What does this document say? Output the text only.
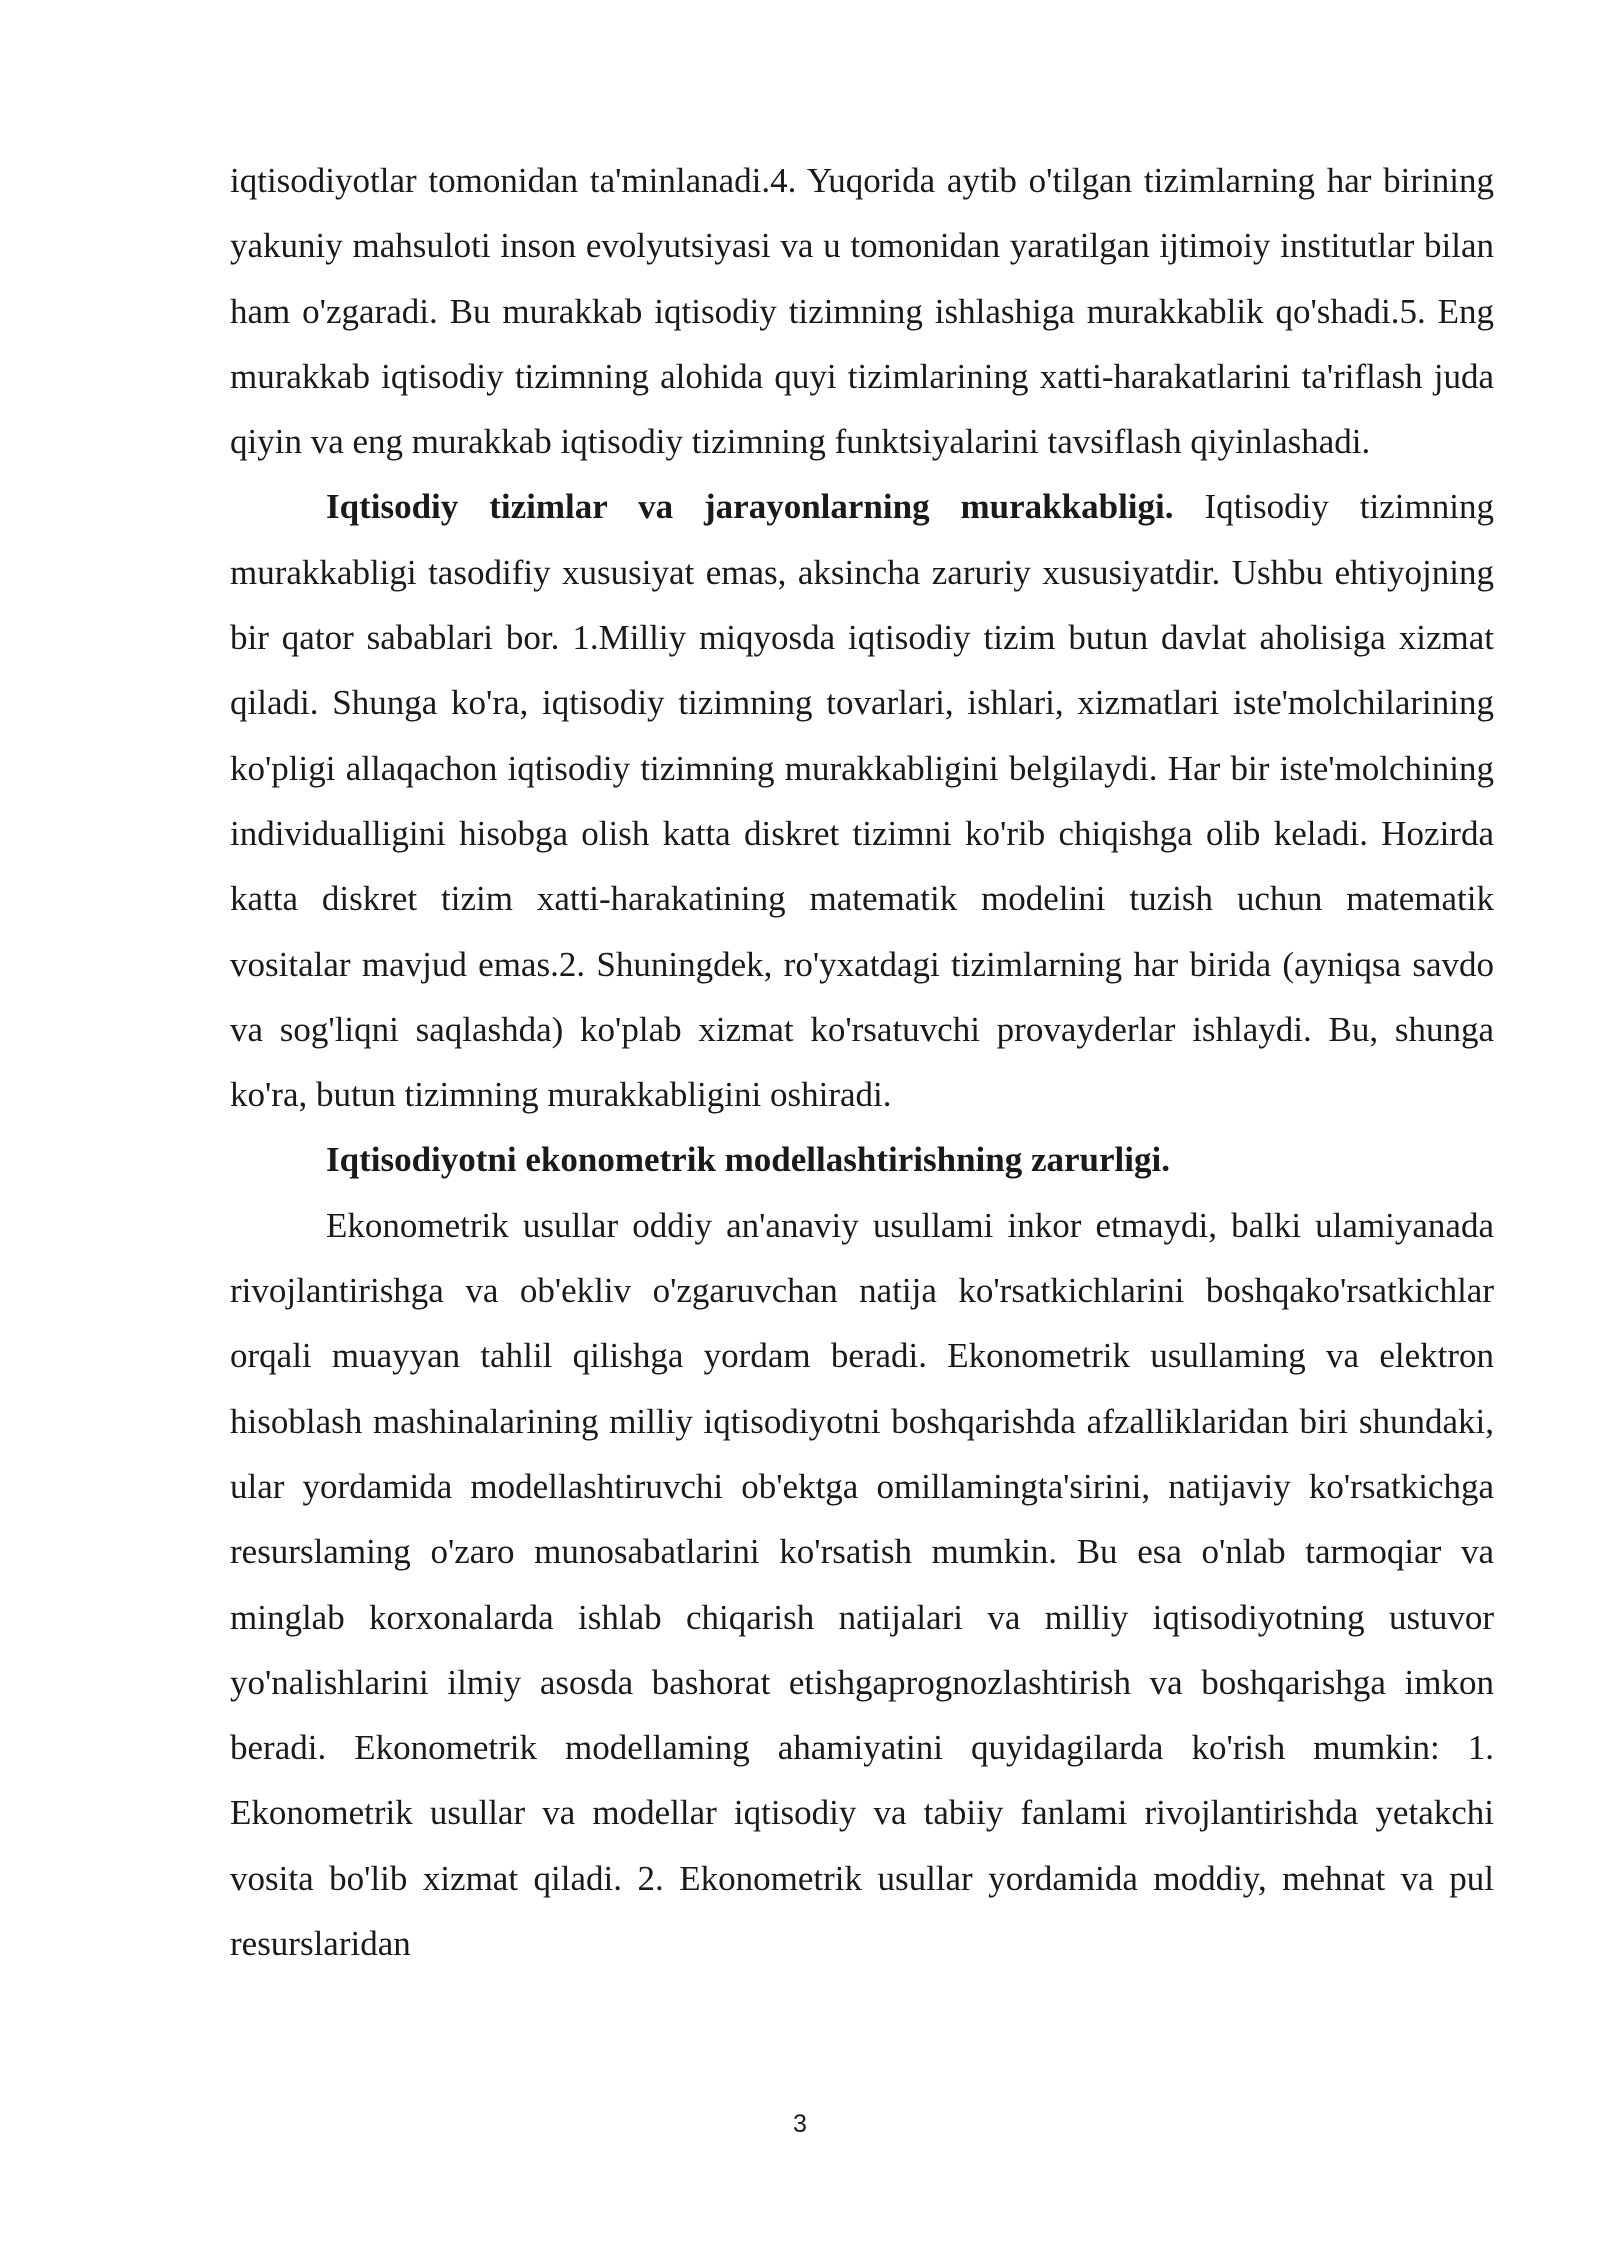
iqtisodiyotlar tomonidan ta'minlanadi.4. Yuqorida aytib o'tilgan tizimlarning har birining yakuniy mahsuloti inson evolyutsiyasi va u tomonidan yaratilgan ijtimoiy institutlar bilan ham o'zgaradi. Bu murakkab iqtisodiy tizimning ishlashiga murakkablik qo'shadi.5. Eng murakkab iqtisodiy tizimning alohida quyi tizimlarining xatti-harakatlarini ta'riflash juda qiyin va eng murakkab iqtisodiy tizimning funktsiyalarini tavsiflash qiyinlashadi.

Iqtisodiy tizimlar va jarayonlarning murakkabligi. Iqtisodiy tizimning murakkabligi tasodifiy xususiyat emas, aksincha zaruriy xususiyatdir. Ushbu ehtiyojning bir qator sabablari bor. 1.Milliy miqyosda iqtisodiy tizim butun davlat aholisiga xizmat qiladi. Shunga ko'ra, iqtisodiy tizimning tovarlari, ishlari, xizmatlari iste'molchilarining ko'pligi allaqachon iqtisodiy tizimning murakkabligini belgilaydi. Har bir iste'molchining individualligini hisobga olish katta diskret tizimni ko'rib chiqishga olib keladi. Hozirda katta diskret tizim xatti-harakatining matematik modelini tuzish uchun matematik vositalar mavjud emas.2. Shuningdek, ro'yxatdagi tizimlarning har birida (ayniqsa savdo va sog'liqni saqlashda) ko'plab xizmat ko'rsatuvchi provayderlar ishlaydi. Bu, shunga ko'ra, butun tizimning murakkabligini oshiradi.

Iqtisodiyotni ekonometrik modellashtirishning zarurligi.

Ekonometrik usullar oddiy an'anaviy usullami inkor etmaydi, balki ulamiyanada rivojlantirishga va ob'ekliv o'zgaruvchan natija ko'rsatkichlarini boshqako'rsatkichlar orqali muayyan tahlil qilishga yordam beradi. Ekonometrik usullaming va elektron hisoblash mashinalarining milliy iqtisodiyotni boshqarishda afzalliklaridan biri shundaki, ular yordamida modellashtiruvchi ob'ektga omillamingta'sirini, natijaviy ko'rsatkichga resurslaming o'zaro munosabatlarini ko'rsatish mumkin. Bu esa o'nlab tarmoqiar va minglab korxonalarda ishlab chiqarish natijalari va milliy iqtisodiyotning ustuvor yo'nalishlarini ilmiy asosda bashorat etishgaprognozlashtirish va boshqarishga imkon beradi. Ekonometrik modellaming ahamiyatini quyidagilarda ko'rish mumkin: 1. Ekonometrik usullar va modellar iqtisodiy va tabiiy fanlami rivojlantirishda yetakchi vosita bo'lib xizmat qiladi. 2. Ekonometrik usullar yordamida moddiy, mehnat va pul resurslaridan

3
